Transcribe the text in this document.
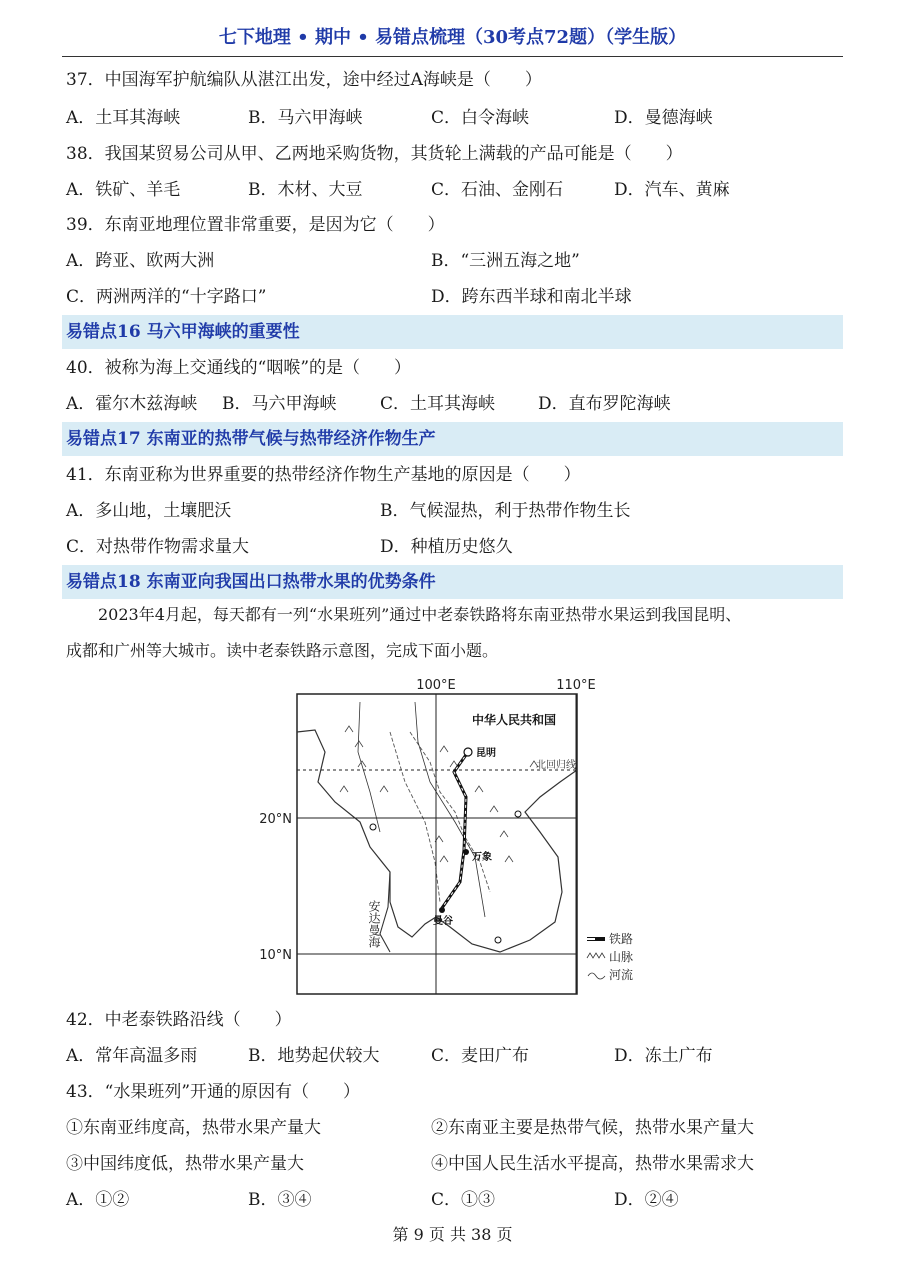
七下地理 • 期中 • 易错点梳理（30考点72题）（学生版）
37．中国海军护航编队从湛江出发，途中经过A海峡是（　　）
A．土耳其海峡	B．马六甲海峡	C．白令海峡	D．曼德海峡
38．我国某贸易公司从甲、乙两地采购货物，其货轮上满载的产品可能是（　　）
A．铁矿、羊毛	B．木材、大豆	C．石油、金刚石	D．汽车、黄麻
39．东南亚地理位置非常重要，是因为它（　　）
A．跨亚、欧两大洲	B．“三洲五海之地”
C．两洲两洋的“十字路口”	D．跨东西半球和南北半球
易错点16 马六甲海峡的重要性
40．被称为海上交通线的“咽喉”的是（　　）
A．霍尔木兹海峡 B．马六甲海峡	C．土耳其海峡	D．直布罗陀海峡
易错点17 东南亚的热带气候与热带经济作物生产
41．东南亚称为世界重要的热带经济作物生产基地的原因是（　　）
A．多山地，土壤肥沃	B．气候湿热，利于热带作物生长
C．对热带作物需求量大	D．种植历史悠久
易错点18 东南亚向我国出口热带水果的优势条件
2023年4月起，每天都有一列“水果班列”通过中老泰铁路将东南亚热带水果运到我国昆明、
成都和广州等大城市。读中老泰铁路示意图，完成下面小题。
100°E	110°E
20°N
10°N
中华人民共和国
昆明
万象
曼谷
北回归线
安达曼海	铁路
山脉
河流
42．中老泰铁路沿线（　　）
A．常年高温多雨	B．地势起伏较大	C．麦田广布	D．冻土广布
43．“水果班列”开通的原因有（　　）
①东南亚纬度高，热带水果产量大	②东南亚主要是热带气候，热带水果产量大
③中国纬度低，热带水果产量大	④中国人民生活水平提高，热带水果需求大
A．①②	B．③④	C．①③	D．②④
第 9 页 共 38 页
